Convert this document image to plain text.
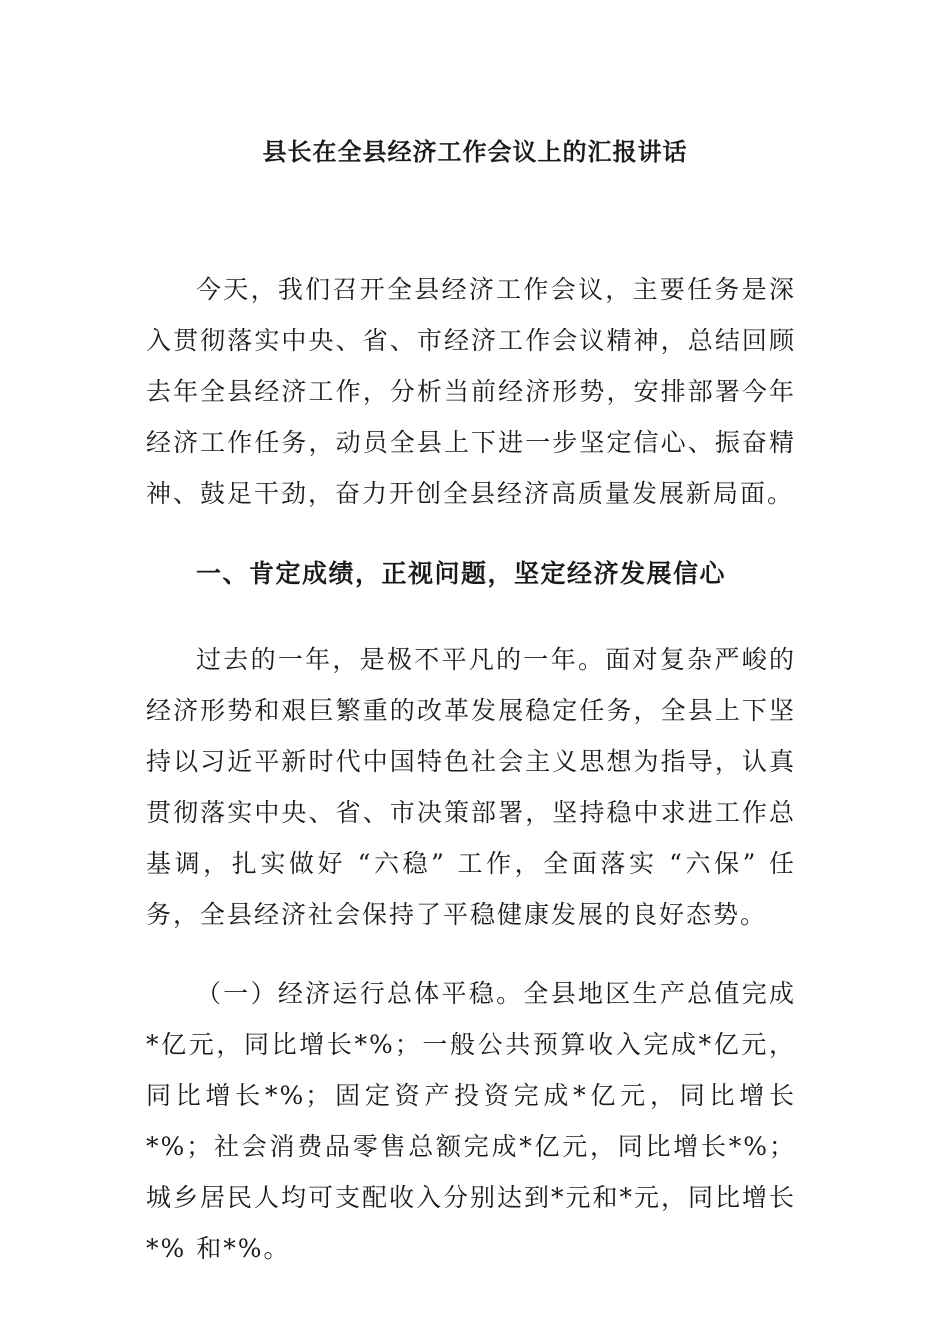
县长在全县经济工作会议上的汇报讲话

今天，我们召开全县经济工作会议，主要任务是深入贯彻落实中央、省、市经济工作会议精神，总结回顾去年全县经济工作，分析当前经济形势，安排部署今年经济工作任务，动员全县上下进一步坚定信心、振奋精神、鼓足干劲，奋力开创全县经济高质量发展新局面。

一、肯定成绩，正视问题，坚定经济发展信心

过去的一年，是极不平凡的一年。面对复杂严峻的经济形势和艰巨繁重的改革发展稳定任务，全县上下坚持以习近平新时代中国特色社会主义思想为指导，认真贯彻落实中央、省、市决策部署，坚持稳中求进工作总基调，扎实做好 “六稳” 工作，全面落实 “六保” 任务，全县经济社会保持了平稳健康发展的良好态势。

（一）经济运行总体平稳。全县地区生产总值完成*亿元，同比增长*%；一般公共预算收入完成*亿元，同比增长*%；固定资产投资完成*亿元，同比增长*%；社会消费品零售总额完成*亿元，同比增长*%；城乡居民人均可支配收入分别达到*元和*元，同比增长*% 和*%。
